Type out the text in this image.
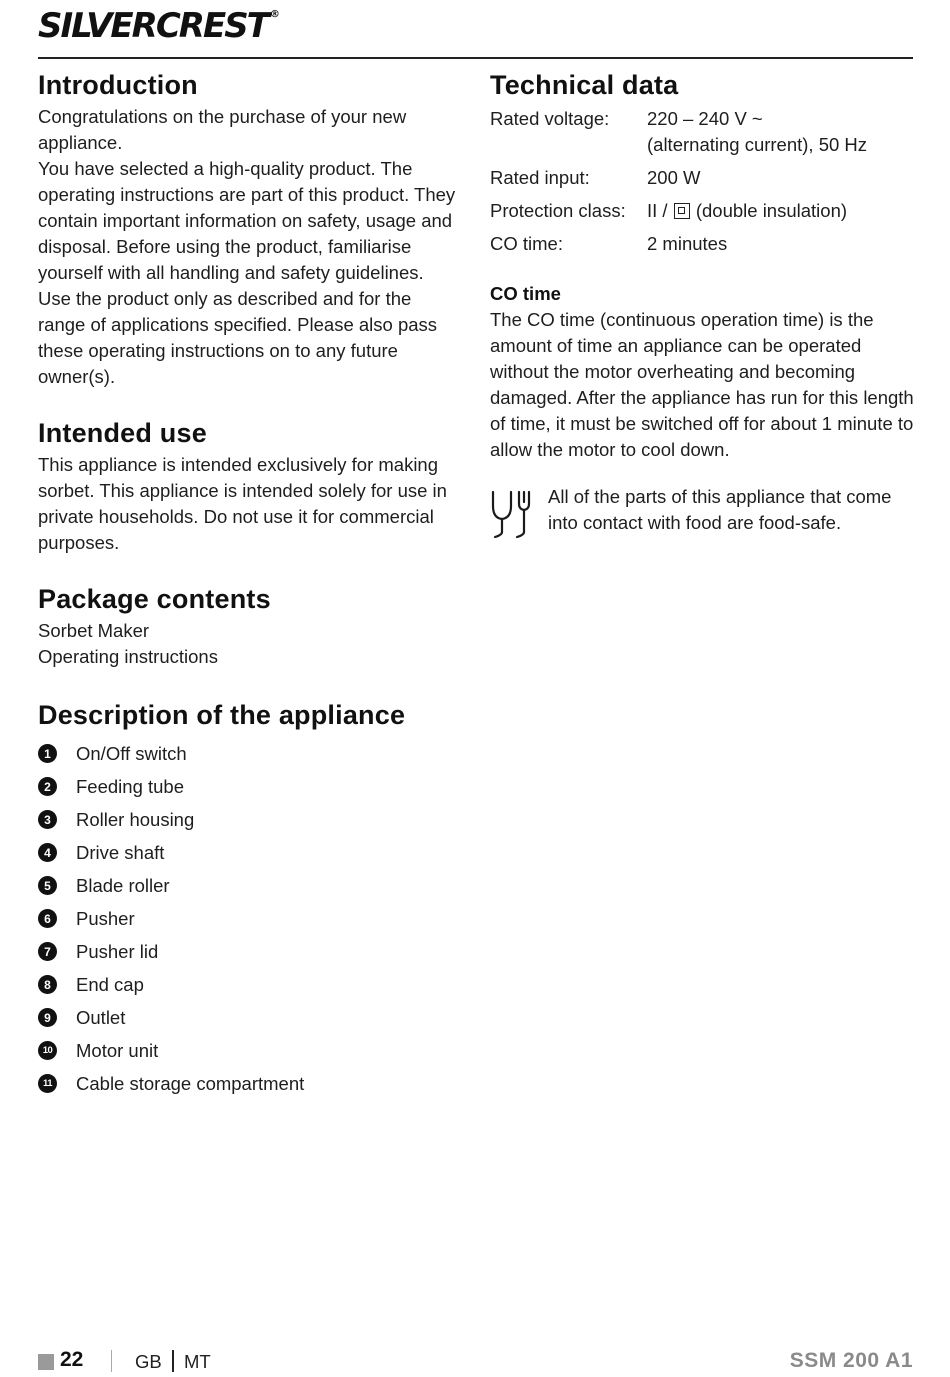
SILVERCREST ®
Introduction

Congratulations on the purchase of your new appliance.

You have selected a high-quality product. The operating instructions are part of this product. They contain important information on safety, usage and disposal. Before using the product, familiarise yourself with all handling and safety guidelines. Use the product only as described and for the range of applications specified. Please also pass these operating instructions on to any future owner(s).

Intended use

This appliance is intended exclusively for making sorbet. This appliance is intended solely for use in private households. Do not use it for commercial purposes.

Package contents

Sorbet Maker

Operating instructions

Description of the appliance
1	On/Off switch
2	Feeding tube
3	Roller housing
4	Drive shaft
5	Blade roller
6	Pusher
7	Pusher lid
8	End cap
9	Outlet
10 Motor unit
11 Cable storage compartment
Technical data
Rated voltage:	220 – 240 V ~
(alternating current), 50 Hz
Rated input:	200 W
Protection class:	II / (double insulation)
CO time:	2 minutes
CO time

The CO time (continuous operation time) is the amount of time an appliance can be operated without the motor overheating and becoming damaged. After the appliance has run for this length of time, it must be switched off for about 1 minute to allow the motor to cool down.

All of the parts of this appliance that come into contact with food are food-safe.

22	GB MT	SSM 200 A1
